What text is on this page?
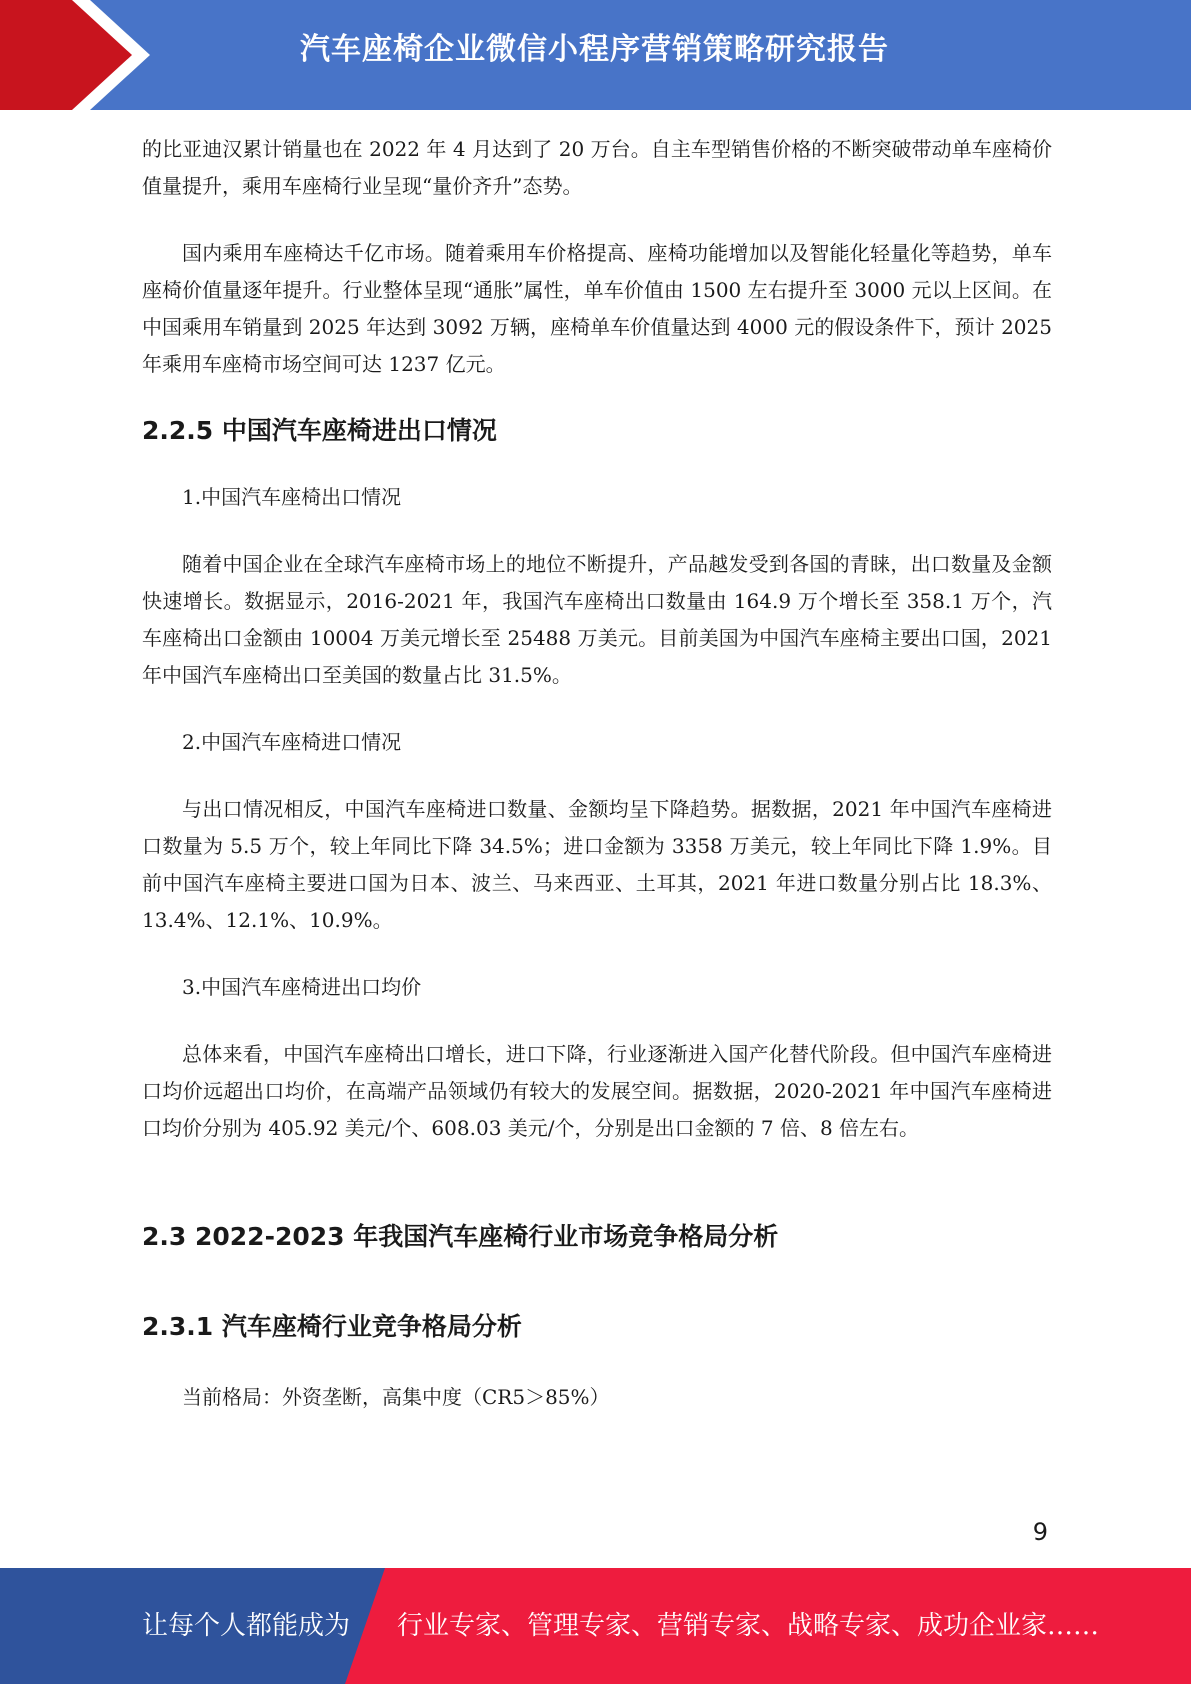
汽车座椅企业微信小程序营销策略研究报告

的比亚迪汉累计销量也在 2022 年 4 月达到了 20 万台。自主车型销售价格的不断突破带动单车座椅价值量提升，乘用车座椅行业呈现“量价齐升”态势。

国内乘用车座椅达千亿市场。随着乘用车价格提高、座椅功能增加以及智能化轻量化等趋势，单车座椅价值量逐年提升。行业整体呈现“通胀”属性，单车价值由 1500 左右提升至 3000 元以上区间。在中国乘用车销量到 2025 年达到 3092 万辆，座椅单车价值量达到 4000 元的假设条件下，预计 2025 年乘用车座椅市场空间可达 1237 亿元。

2.2.5 中国汽车座椅进出口情况

1.中国汽车座椅出口情况

随着中国企业在全球汽车座椅市场上的地位不断提升，产品越发受到各国的青睐，出口数量及金额快速增长。数据显示，2016-2021 年，我国汽车座椅出口数量由 164.9 万个增长至 358.1 万个，汽车座椅出口金额由 10004 万美元增长至 25488 万美元。目前美国为中国汽车座椅主要出口国，2021 年中国汽车座椅出口至美国的数量占比 31.5%。

2.中国汽车座椅进口情况

与出口情况相反，中国汽车座椅进口数量、金额均呈下降趋势。据数据，2021 年中国汽车座椅进口数量为 5.5 万个，较上年同比下降 34.5%；进口金额为 3358 万美元，较上年同比下降 1.9%。目前中国汽车座椅主要进口国为日本、波兰、马来西亚、土耳其，2021 年进口数量分别占比 18.3%、13.4%、12.1%、10.9%。

3.中国汽车座椅进出口均价

总体来看，中国汽车座椅出口增长，进口下降，行业逐渐进入国产化替代阶段。但中国汽车座椅进口均价远超出口均价，在高端产品领域仍有较大的发展空间。据数据，2020-2021 年中国汽车座椅进口均价分别为 405.92 美元/个、608.03 美元/个，分别是出口金额的 7 倍、8 倍左右。

2.3 2022-2023 年我国汽车座椅行业市场竞争格局分析
2.3.1 汽车座椅行业竞争格局分析

当前格局：外资垄断，高集中度（CR5＞85%）

9
让每个人都能成为 行业专家、管理专家、营销专家、战略专家、成功企业家……
